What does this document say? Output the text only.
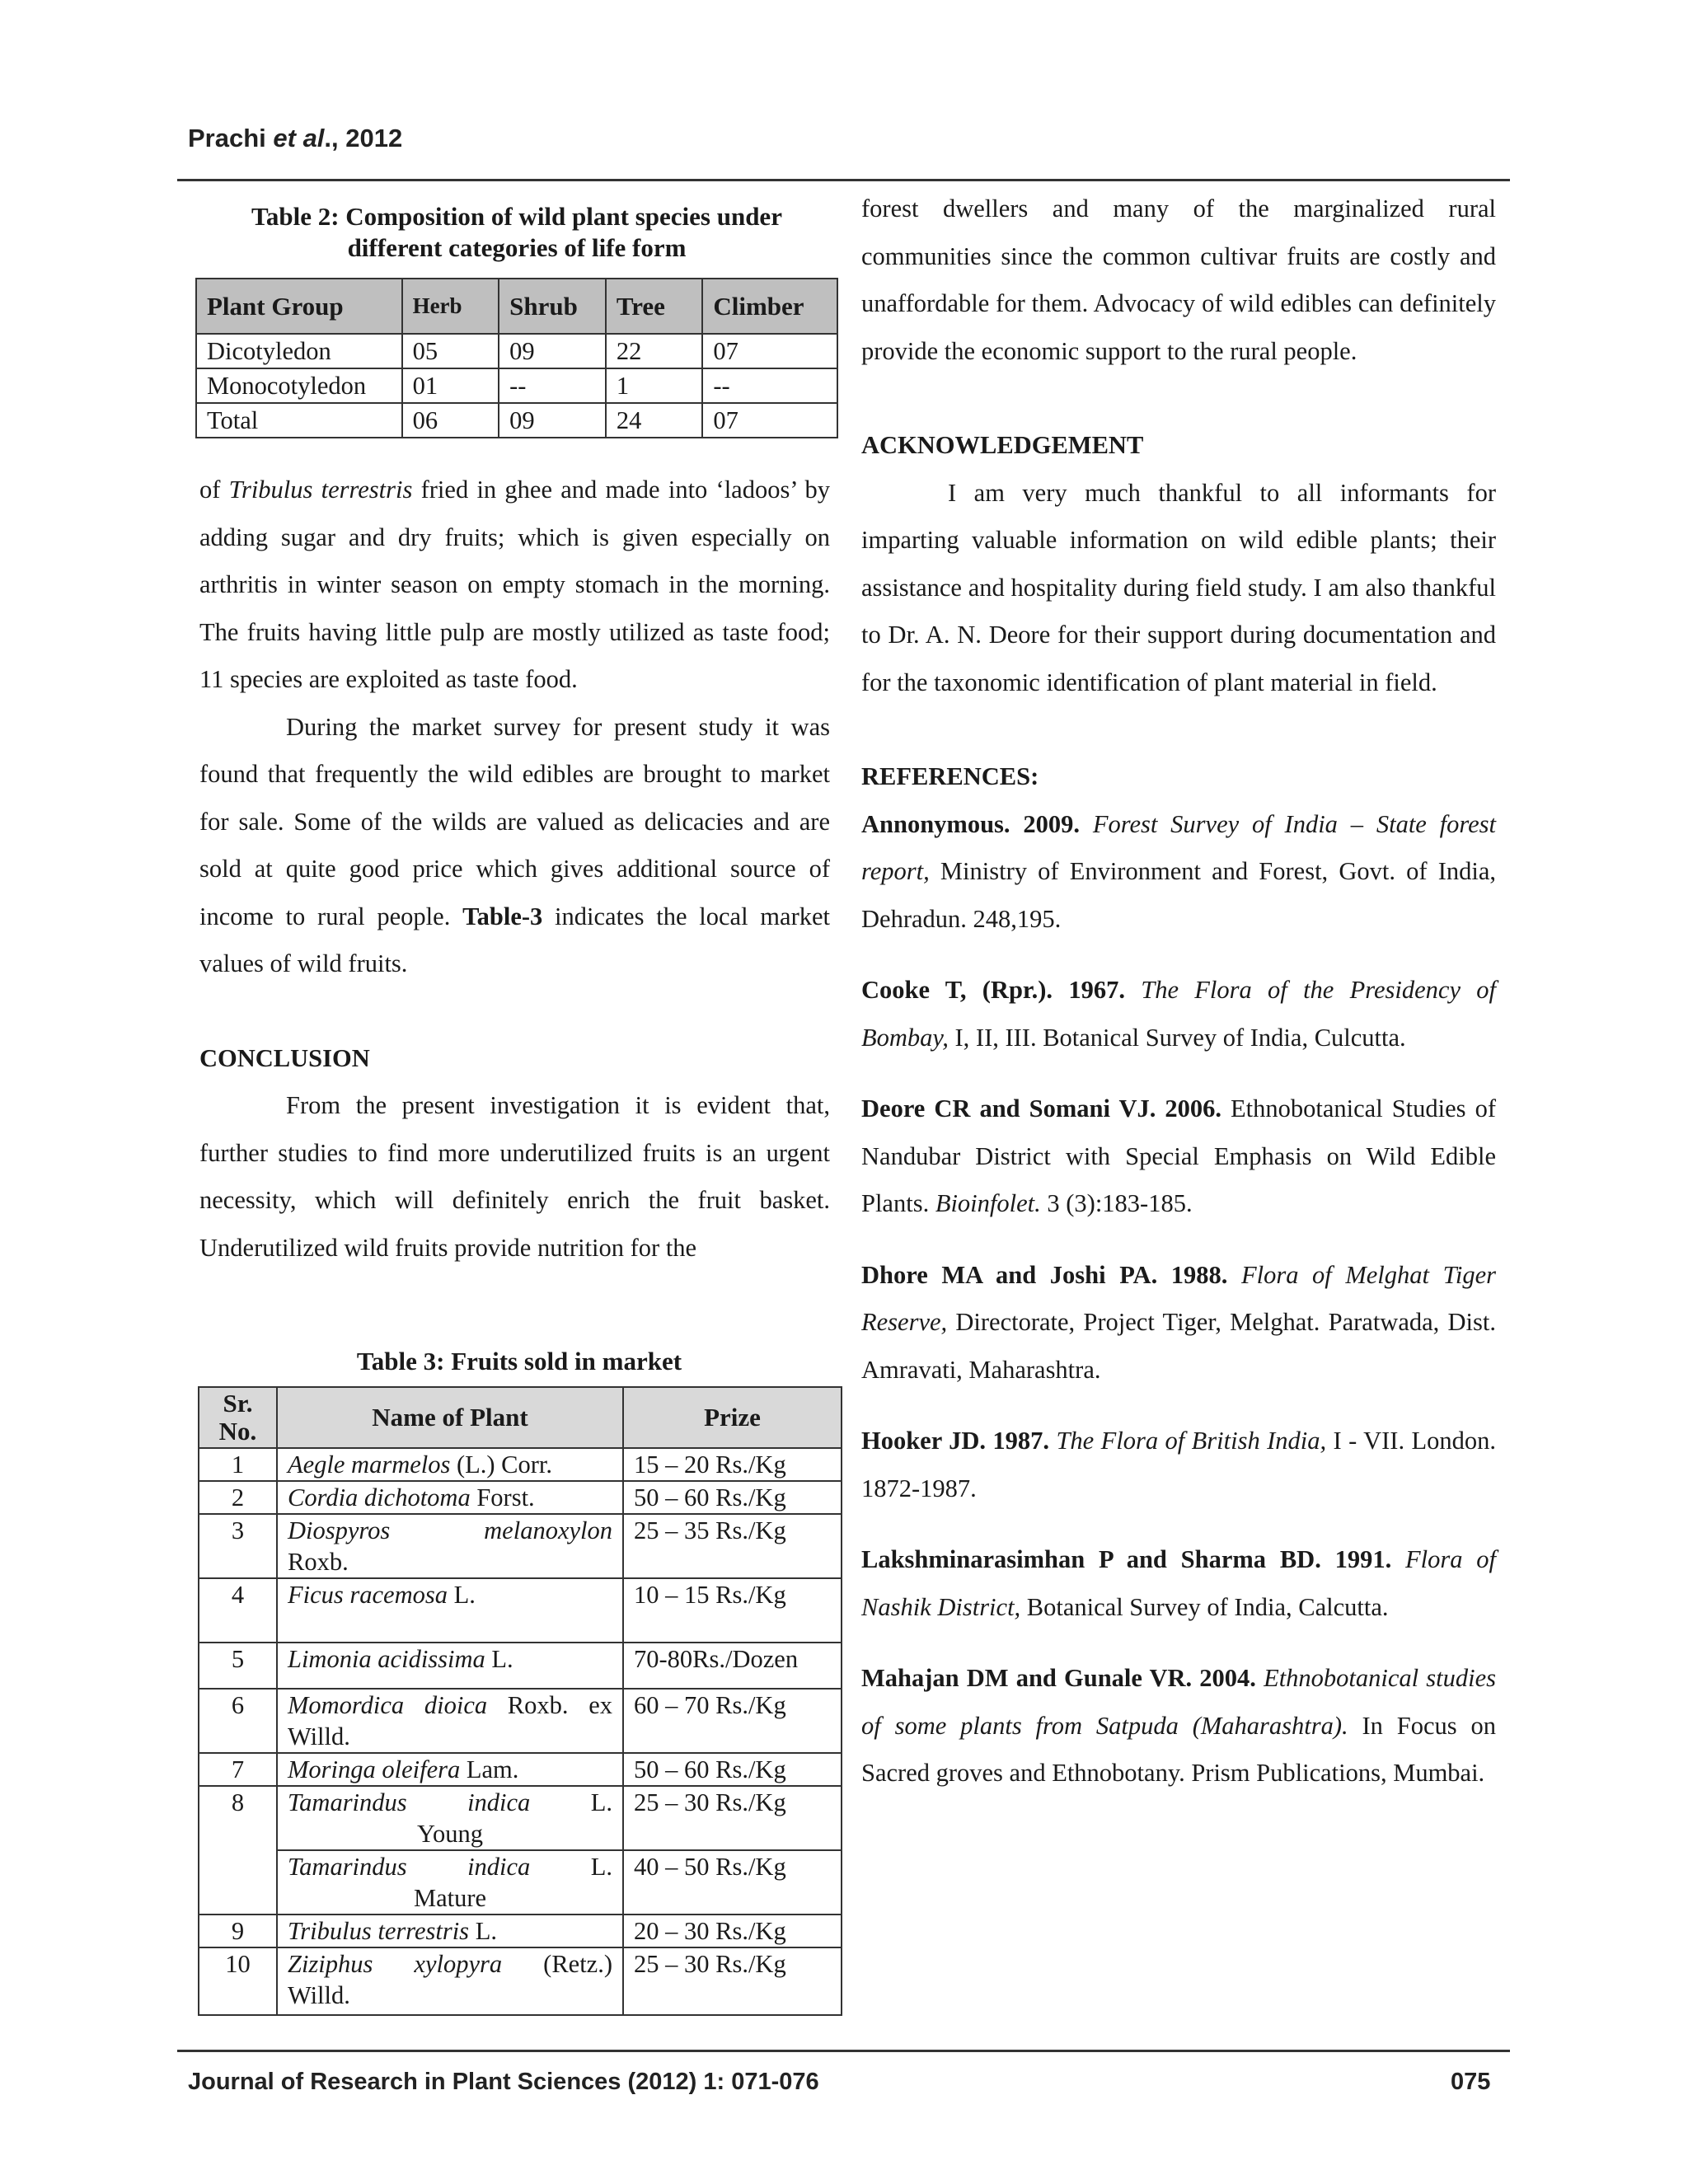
Prachi et al., 2012

Table 2: Composition of wild plant species under

different categories of life form

Plant Group	Herb	Shrub	Tree	Climber
Dicotyledon	05	09	22	07
Monocotyledon	01	--	1	--
Total	06	09	24	07

of Tribulus terrestris fried in ghee and made into ‘ladoos’ by adding sugar and dry fruits; which is given especially on arthritis in winter season on empty stomach in the morning. The fruits having little pulp are mostly utilized as taste food; 11 species are exploited as taste food.

During the market survey for present study it was found that frequently the wild edibles are brought to market for sale. Some of the wilds are valued as delicacies and are sold at quite good price which gives additional source of income to rural people. Table-3 indicates the local market values of wild fruits.

CONCLUSION

From the present investigation it is evident that, further studies to find more underutilized fruits is an urgent necessity, which will definitely enrich the fruit basket. Underutilized wild fruits provide nutrition for the

Table 3: Fruits sold in market

Sr.
No.	Name of Plant	Prize
1	Aegle marmelos (L.) Corr.	15 – 20 Rs./Kg
2	Cordia dichotoma Forst.	50 – 60 Rs./Kg
3	Diospyros melanoxylon
Roxb.	25 – 35 Rs./Kg
4	Ficus racemosa L.	10 – 15 Rs./Kg
5	Limonia acidissima L.	70-80Rs./Dozen
6	Momordica dioica Roxb. ex
Willd.	60 – 70 Rs./Kg
7	Moringa oleifera Lam.	50 – 60 Rs./Kg
8	Tamarindus indica L.
Young	25 – 30 Rs./Kg

	Tamarindus indica L.
Mature	40 – 50 Rs./Kg
9	Tribulus terrestris L.	20 – 30 Rs./Kg
10	Ziziphus xylopyra (Retz.)
Willd.	25 – 30 Rs./Kg

forest dwellers and many of the marginalized rural communities since the common cultivar fruits are costly and unaffordable for them. Advocacy of wild edibles can definitely provide the economic support to the rural people.

ACKNOWLEDGEMENT

I am very much thankful to all informants for imparting valuable information on wild edible plants; their assistance and hospitality during field study. I am also thankful to Dr. A. N. Deore for their support during documentation and for the taxonomic identification of plant material in field.

REFERENCES:

Annonymous. 2009. Forest Survey of India – State forest report, Ministry of Environment and Forest, Govt. of India, Dehradun. 248,195.

Cooke T, (Rpr.). 1967. The Flora of the Presidency of Bombay, I, II, III. Botanical Survey of India, Culcutta.

Deore CR and Somani VJ. 2006. Ethnobotanical Studies of Nandubar District with Special Emphasis on Wild Edible Plants. Bioinfolet. 3 (3):183-185.

Dhore MA and Joshi PA. 1988. Flora of Melghat Tiger Reserve, Directorate, Project Tiger, Melghat. Paratwada, Dist. Amravati, Maharashtra.

Hooker JD. 1987. The Flora of British India, I - VII. London. 1872-1987.

Lakshminarasimhan P and Sharma BD. 1991. Flora of Nashik District, Botanical Survey of India, Calcutta.

Mahajan DM and Gunale VR. 2004. Ethnobotanical studies of some plants from Satpuda (Maharashtra). In Focus on Sacred groves and Ethnobotany. Prism Publications, Mumbai.

Journal of Research in Plant Sciences (2012) 1: 071-076	075
